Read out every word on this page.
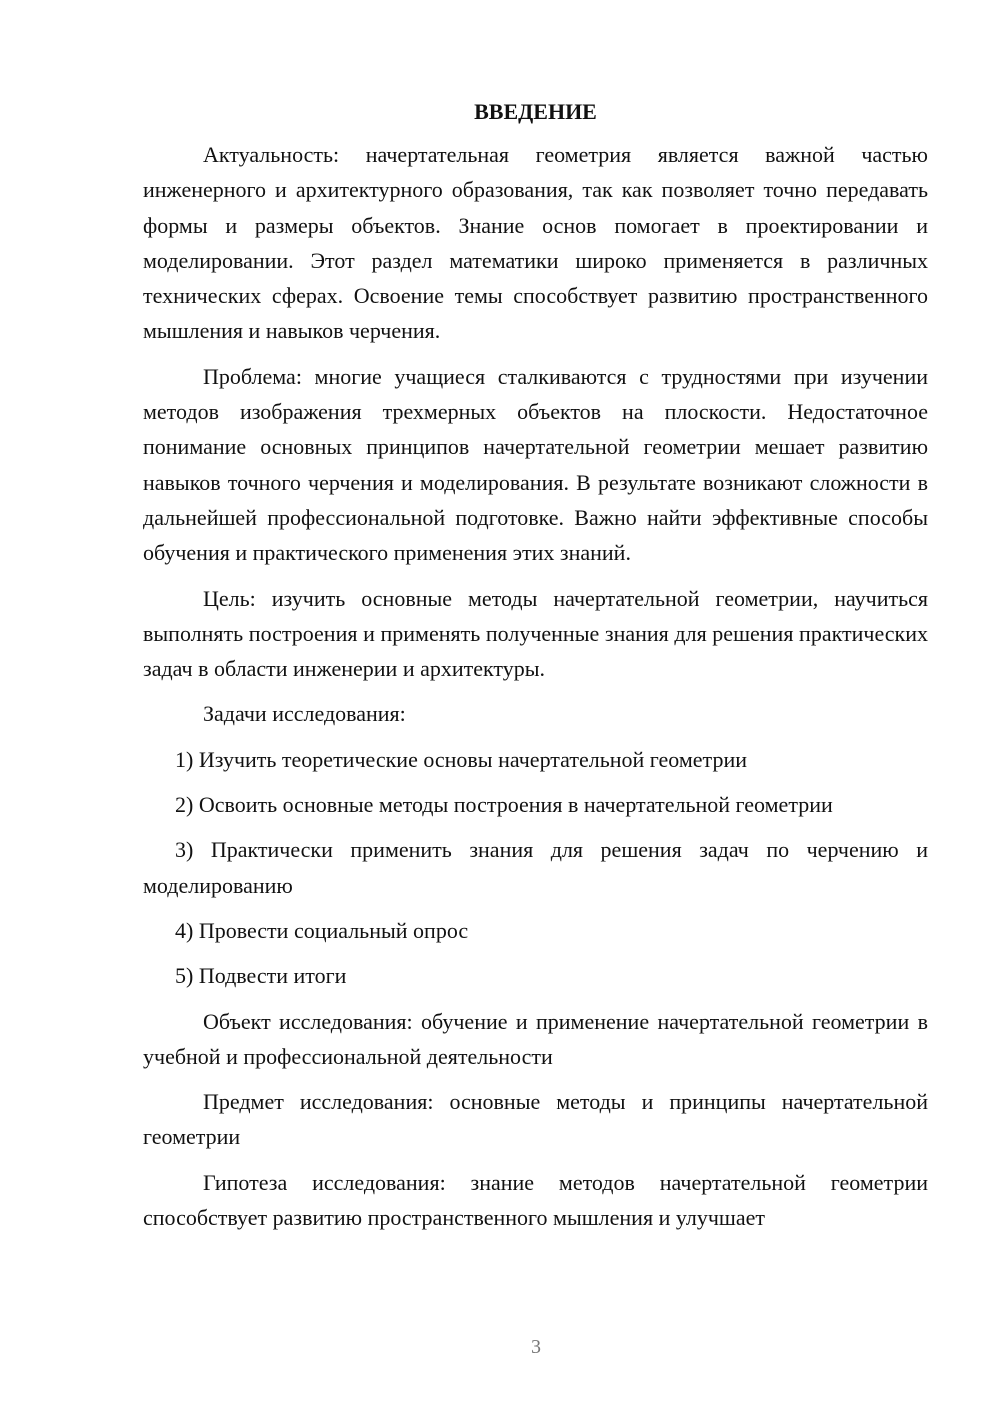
ВВЕДЕНИЕ

Актуальность: начертательная геометрия является важной частью инженерного и архитектурного образования, так как позволяет точно передавать формы и размеры объектов. Знание основ помогает в проектировании и моделировании. Этот раздел математики широко применяется в различных технических сферах. Освоение темы способствует развитию пространственного мышления и навыков черчения.

Проблема: многие учащиеся сталкиваются с трудностями при изучении методов изображения трехмерных объектов на плоскости. Недостаточное понимание основных принципов начертательной геометрии мешает развитию навыков точного черчения и моделирования. В результате возникают сложности в дальнейшей профессиональной подготовке. Важно найти эффективные способы обучения и практического применения этих знаний.

Цель: изучить основные методы начертательной геометрии, научиться выполнять построения и применять полученные знания для решения практических задач в области инженерии и архитектуры.

Задачи исследования:

1) Изучить теоретические основы начертательной геометрии

2) Освоить основные методы построения в начертательной геометрии

3) Практически применить знания для решения задач по черчению и моделированию

4) Провести социальный опрос

5) Подвести итоги

Объект исследования: обучение и применение начертательной геометрии в учебной и профессиональной деятельности

Предмет исследования: основные методы и принципы начертательной геометрии

Гипотеза исследования: знание методов начертательной геометрии способствует развитию пространственного мышления и улучшает

3
